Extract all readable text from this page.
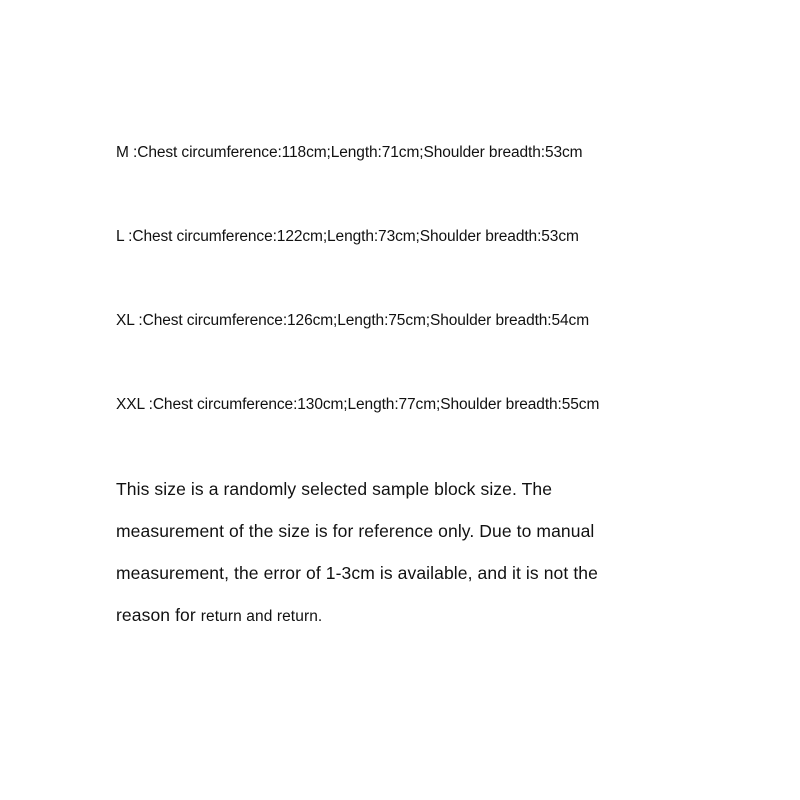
M :Chest circumference:118cm;Length:71cm;Shoulder breadth:53cm
L :Chest circumference:122cm;Length:73cm;Shoulder breadth:53cm
XL :Chest circumference:126cm;Length:75cm;Shoulder breadth:54cm
XXL :Chest circumference:130cm;Length:77cm;Shoulder breadth:55cm
This size is a randomly selected sample block size. The
measurement of the size is for reference only. Due to manual
measurement, the error of 1-3cm is available, and it is not the
reason for return and return.
